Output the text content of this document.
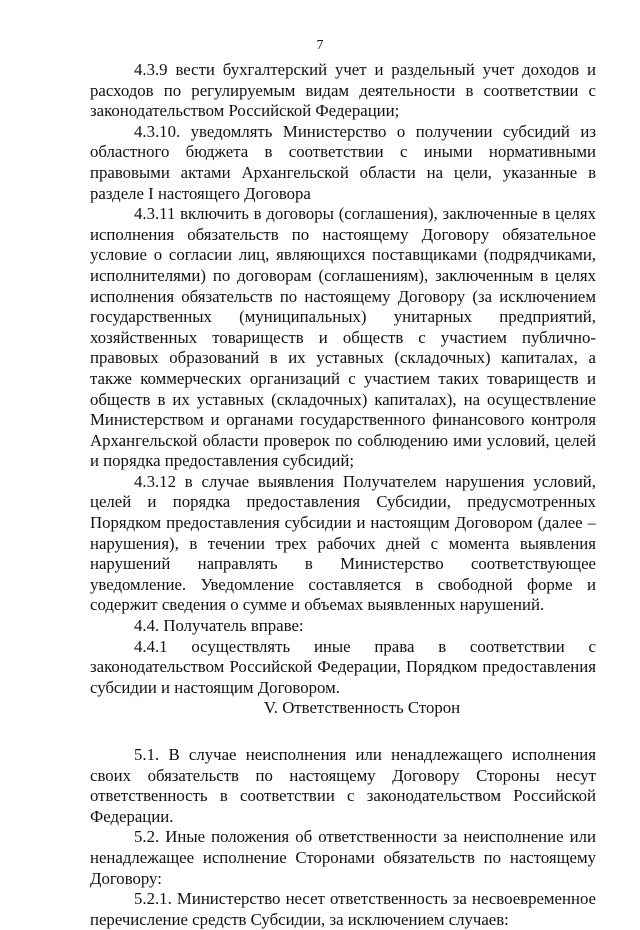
7

4.3.9 вести бухгалтерский учет и раздельный учет доходов и расходов по регулируемым видам деятельности в соответствии с законодательством Российской Федерации;

4.3.10. уведомлять Министерство о получении субсидий из областного бюджета в соответствии с иными нормативными правовыми актами Архангельской области на цели, указанные в разделе I настоящего Договора

4.3.11 включить в договоры (соглашения), заключенные в целях исполнения обязательств по настоящему Договору обязательное условие о согласии лиц, являющихся поставщиками (подрядчиками, исполнителями) по договорам (соглашениям), заключенным в целях исполнения обязательств по настоящему Договору (за исключением государственных (муниципальных) унитарных предприятий, хозяйственных товариществ и обществ с участием публично-правовых образований в их уставных (складочных) капиталах, а также коммерческих организаций с участием таких товариществ и обществ в их уставных (складочных) капиталах), на осуществление Министерством и органами государственного финансового контроля Архангельской области проверок по соблюдению ими условий, целей и порядка предоставления субсидий;

4.3.12 в случае выявления Получателем нарушения условий, целей и порядка предоставления Субсидии, предусмотренных Порядком предоставления субсидии и настоящим Договором (далее – нарушения), в течении трех рабочих дней с момента выявления нарушений направлять в Министерство соответствующее уведомление. Уведомление составляется в свободной форме и содержит сведения о сумме и объемах выявленных нарушений.

4.4. Получатель вправе:

4.4.1 осуществлять иные права в соответствии с законодательством Российской Федерации, Порядком предоставления субсидии и настоящим Договором.

V. Ответственность Сторон

5.1. В случае неисполнения или ненадлежащего исполнения своих обязательств по настоящему Договору Стороны несут ответственность в соответствии с законодательством Российской Федерации.

5.2. Иные положения об ответственности за неисполнение или ненадлежащее исполнение Сторонами обязательств по настоящему Договору:

5.2.1. Министерство несет ответственность за несвоевременное перечисление средств Субсидии, за исключением случаев:
